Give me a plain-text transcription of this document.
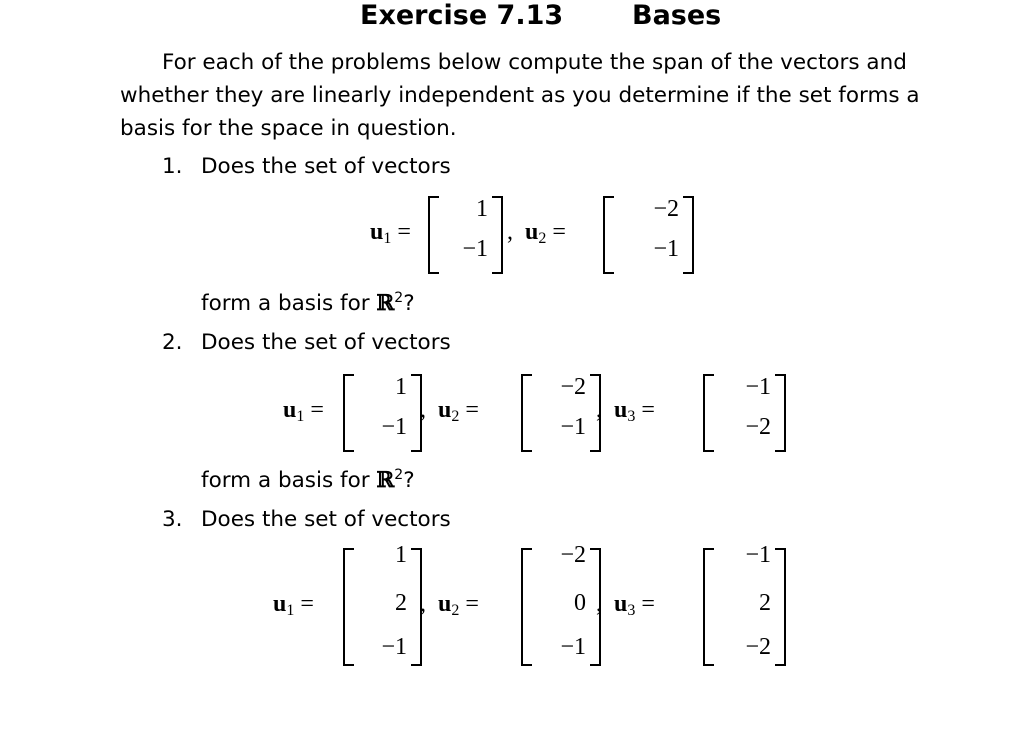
Exercise 7.13	Bases
For each of the problems below compute the span of the vectors and
whether they are linearly independent as you determine if the set forms a
basis for the space in question.
1. Does the set of vectors
form a basis for ℝ$^2$?
2. Does the set of vectors
form a basis for ℝ$^2$?
3. Does the set of vectors
$u_1$ =
1
−1
, $u_2$ =
−2
−1
$u_1$ =
1
−1
, $u_2$ =
−2
−1
, $u_3$ =
−1
−2
$u_1$ =
1
2
−1
, $u_2$ =
−2
0
−1
, $u_3$ =
−1
2
−2
